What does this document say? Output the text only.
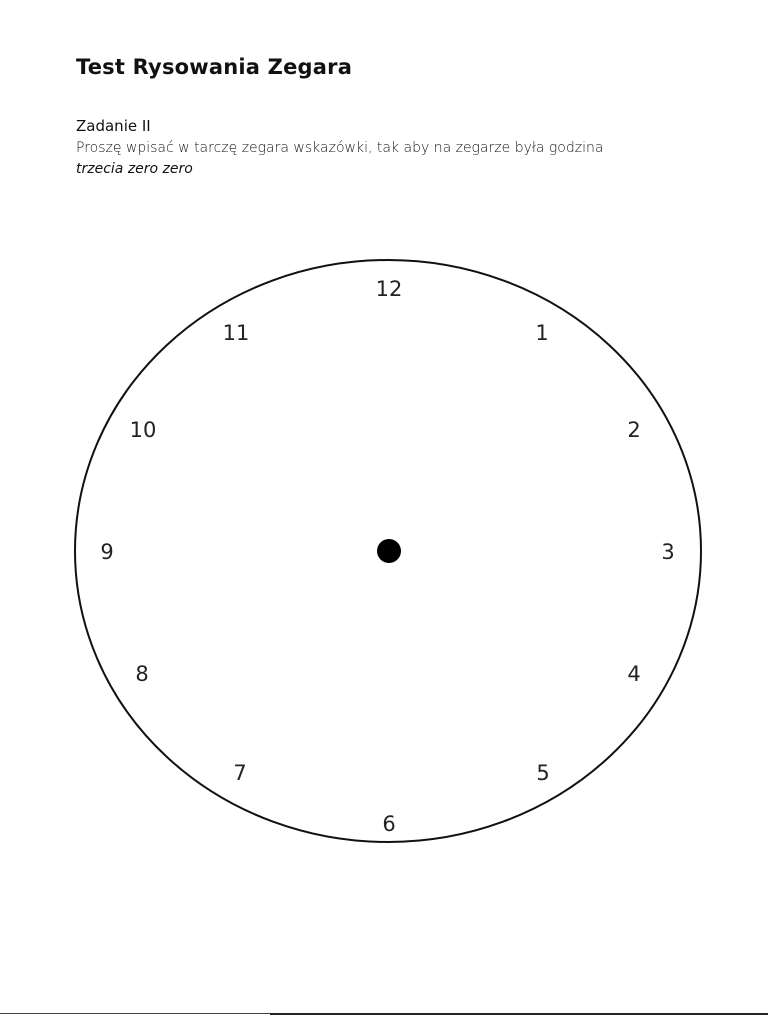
Test Rysowania Zegara

Zadanie II

Proszę wpisać w tarczę zegara wskazówki, tak aby na zegarze była godzina

trzecia zero zero

12
1
2
3
4
5
6
7
8
9
10
11
